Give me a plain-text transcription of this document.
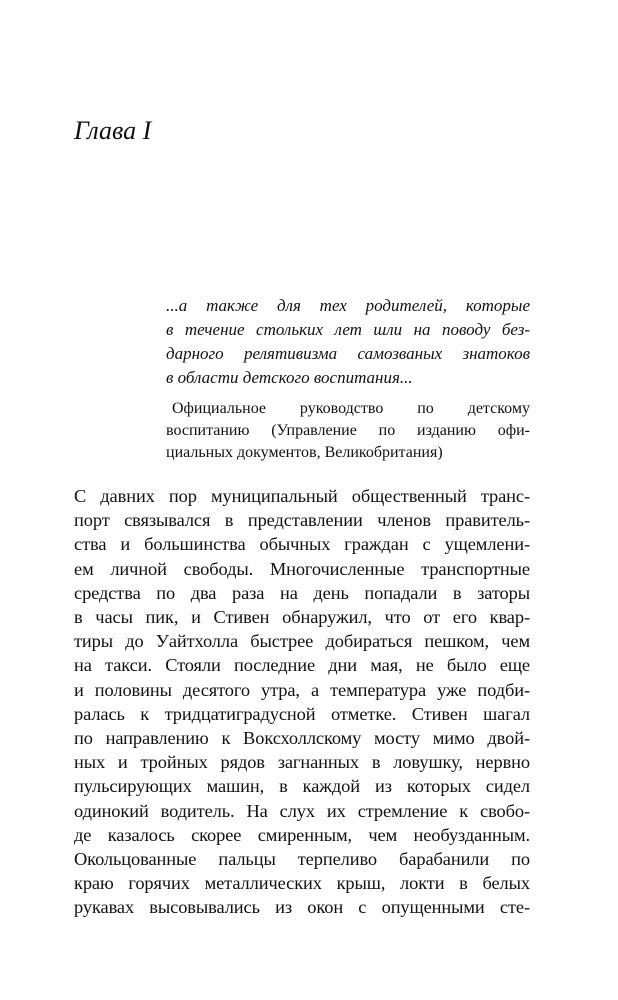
Глава I
...а также для тех родителей, которые
в течение стольких лет шли на поводу без-
дарного релятивизма самозваных знатоков
в области детского воспитания...
Официальное руководство по детскому
воспитанию (Управление по изданию офи-
циальных документов, Великобритания)
С давних пор муниципальный общественный транс-
порт связывался в представлении членов правитель-
ства и большинства обычных граждан с ущемлени-
ем личной свободы. Многочисленные транспортные
средства по два раза на день попадали в заторы
в часы пик, и Стивен обнаружил, что от его квар-
тиры до Уайтхолла быстрее добираться пешком, чем
на такси. Стояли последние дни мая, не было еще
и половины десятого утра, а температура уже подби-
ралась к тридцатиградусной отметке. Стивен шагал
по направлению к Воксхоллскому мосту мимо двой-
ных и тройных рядов загнанных в ловушку, нервно
пульсирующих машин, в каждой из которых сидел
одинокий водитель. На слух их стремление к свобо-
де казалось скорее смиренным, чем необузданным.
Окольцованные пальцы терпеливо барабанили по
краю горячих металлических крыш, локти в белых
рукавах высовывались из окон с опущенными сте-
